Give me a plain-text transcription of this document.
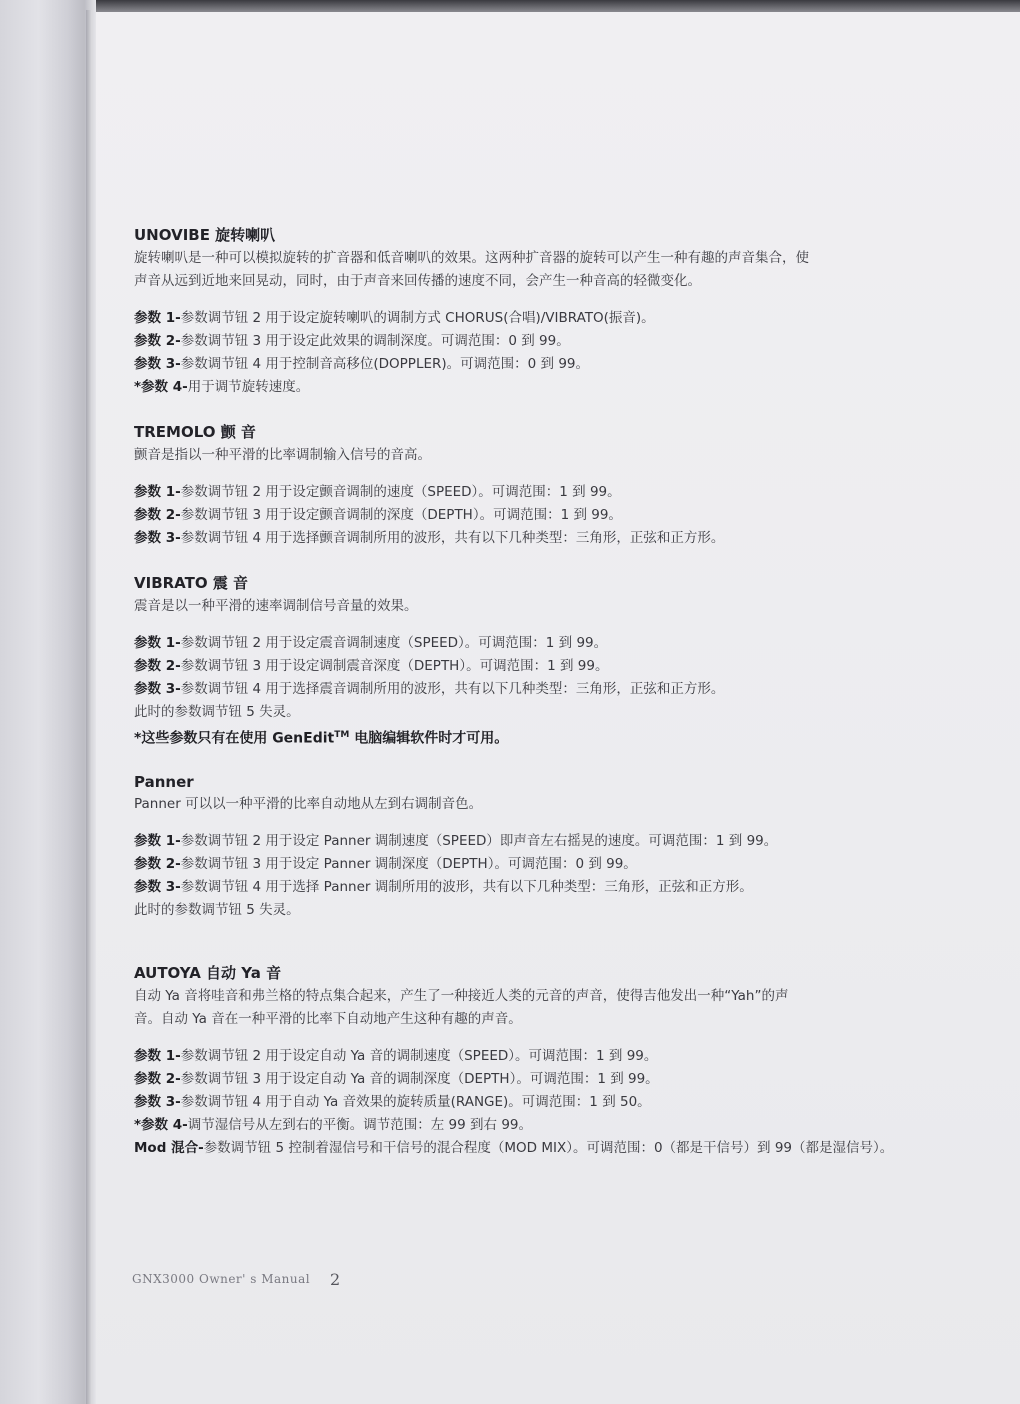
UNOVIBE 旋转喇叭
旋转喇叭是一种可以模拟旋转的扩音器和低音喇叭的效果。这两种扩音器的旋转可以产生一种有趣的声音集合，使声音从远到近地来回晃动，同时，由于声音来回传播的速度不同，会产生一种音高的轻微变化。
参数 1-参数调节钮 2 用于设定旋转喇叭的调制方式 CHORUS(合唱)/VIBRATO(振音)。
参数 2-参数调节钮 3 用于设定此效果的调制深度。可调范围：0 到 99。
参数 3-参数调节钮 4 用于控制音高移位(DOPPLER)。可调范围：0 到 99。
*参数 4-用于调节旋转速度。
TREMOLO 颤 音
颤音是指以一种平滑的比率调制输入信号的音高。
参数 1-参数调节钮 2 用于设定颤音调制的速度（SPEED）。可调范围：1 到 99。
参数 2-参数调节钮 3 用于设定颤音调制的深度（DEPTH）。可调范围：1 到 99。
参数 3-参数调节钮 4 用于选择颤音调制所用的波形，共有以下几种类型：三角形，正弦和正方形。
VIBRATO 震 音
震音是以一种平滑的速率调制信号音量的效果。
参数 1-参数调节钮 2 用于设定震音调制速度（SPEED）。可调范围：1 到 99。
参数 2-参数调节钮 3 用于设定调制震音深度（DEPTH）。可调范围：1 到 99。
参数 3-参数调节钮 4 用于选择震音调制所用的波形，共有以下几种类型：三角形，正弦和正方形。
此时的参数调节钮 5 失灵。
*这些参数只有在使用 GenEdit™ 电脑编辑软件时才可用。
Panner
Panner 可以以一种平滑的比率自动地从左到右调制音色。
参数 1-参数调节钮 2 用于设定 Panner 调制速度（SPEED）即声音左右摇晃的速度。可调范围：1 到 99。
参数 2-参数调节钮 3 用于设定 Panner 调制深度（DEPTH）。可调范围：0 到 99。
参数 3-参数调节钮 4 用于选择 Panner 调制所用的波形，共有以下几种类型：三角形，正弦和正方形。
此时的参数调节钮 5 失灵。
AUTOYA 自动 Ya 音
自动 Ya 音将哇音和弗兰格的特点集合起来，产生了一种接近人类的元音的声音，使得吉他发出一种“Yah”的声音。自动 Ya 音在一种平滑的比率下自动地产生这种有趣的声音。
参数 1-参数调节钮 2 用于设定自动 Ya 音的调制速度（SPEED）。可调范围：1 到 99。
参数 2-参数调节钮 3 用于设定自动 Ya 音的调制深度（DEPTH）。可调范围：1 到 99。
参数 3-参数调节钮 4 用于自动 Ya 音效果的旋转质量(RANGE)。可调范围：1 到 50。
*参数 4-调节湿信号从左到右的平衡。调节范围：左 99 到右 99。
Mod 混合-参数调节钮 5 控制着湿信号和干信号的混合程度（MOD MIX）。可调范围：0（都是干信号）到 99（都是湿信号）。
GNX3000 Owner' s Manual 2
